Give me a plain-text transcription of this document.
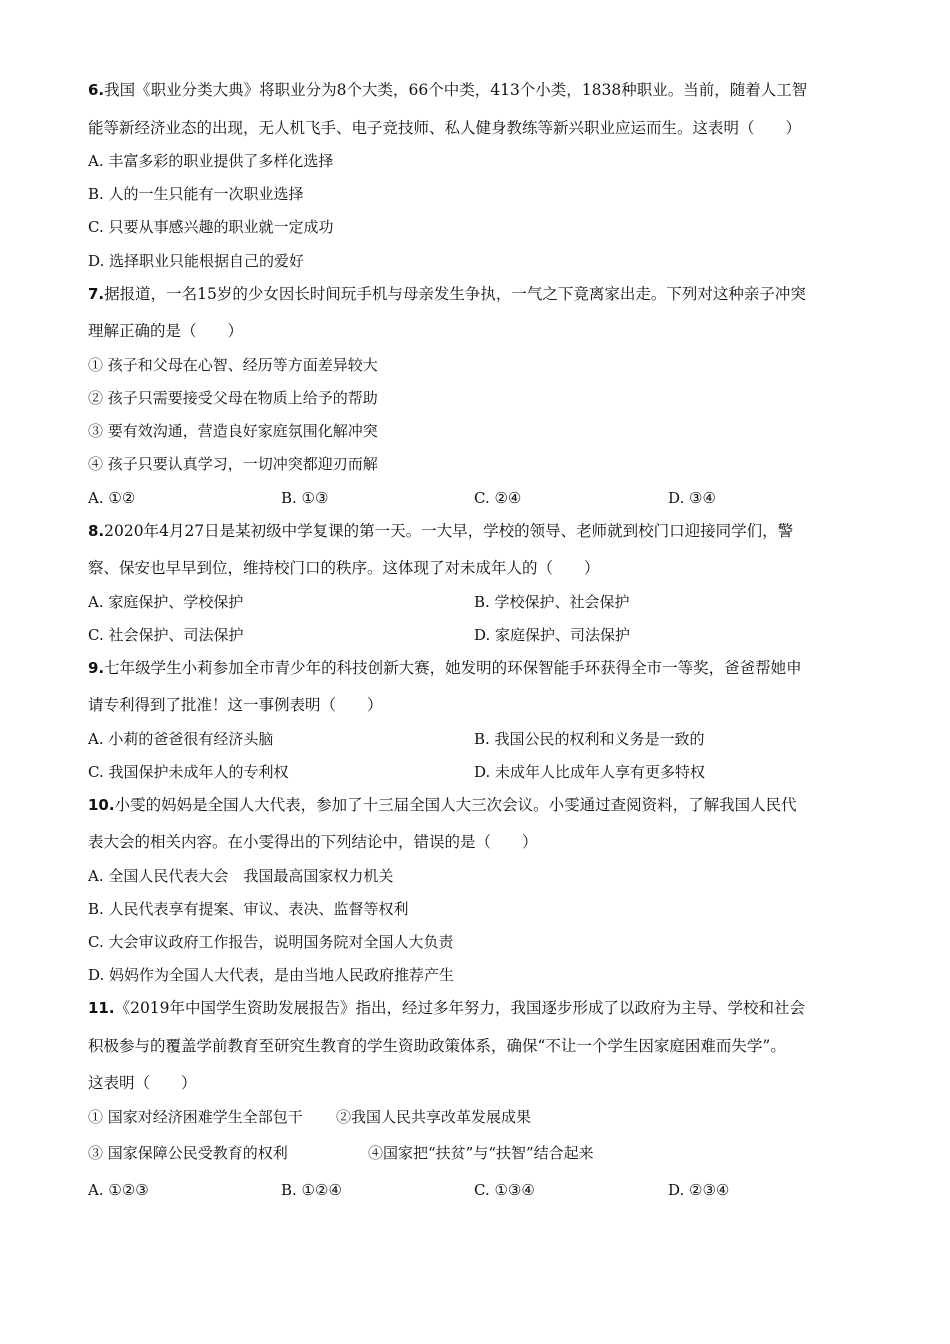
6.我国《职业分类大典》将职业分为8个大类，66个中类，413个小类，1838种职业。当前，随着人工智
能等新经济业态的出现，无人机飞手、电子竞技师、私人健身教练等新兴职业应运而生。这表明（　　）
A. 丰富多彩的职业提供了多样化选择
B. 人的一生只能有一次职业选择
C. 只要从事感兴趣的职业就一定成功
D. 选择职业只能根据自己的爱好
7.据报道，一名15岁的少女因长时间玩手机与母亲发生争执，一气之下竟离家出走。下列对这种亲子冲突
理解正确的是（　　）
① 孩子和父母在心智、经历等方面差异较大
② 孩子只需要接受父母在物质上给予的帮助
③ 要有效沟通，营造良好家庭氛围化解冲突
④ 孩子只要认真学习，一切冲突都迎刃而解
A. ①②	B. ①③	C. ②④	D. ③④
8.2020年4月27日是某初级中学复课的第一天。一大早，学校的领导、老师就到校门口迎接同学们，警
察、保安也早早到位，维持校门口的秩序。这体现了对未成年人的（　　）
A. 家庭保护、学校保护	B. 学校保护、社会保护
C. 社会保护、司法保护	D. 家庭保护、司法保护
9.七年级学生小莉参加全市青少年的科技创新大赛，她发明的环保智能手环获得全市一等奖，爸爸帮她申
请专利得到了批准！这一事例表明（　　）
A. 小莉的爸爸很有经济头脑	B. 我国公民的权利和义务是一致的
C. 我国保护未成年人的专利权	D. 未成年人比成年人享有更多特权
10.小雯的妈妈是全国人大代表，参加了十三届全国人大三次会议。小雯通过查阅资料，了解我国人民代
表大会的相关内容。在小雯得出的下列结论中，错误的是（　　）
A. 全国人民代表大会　我国最高国家权力机关
B. 人民代表享有提案、审议、表决、监督等权利
C. 大会审议政府工作报告，说明国务院对全国人大负责
D. 妈妈作为全国人大代表，是由当地人民政府推荐产生
11.《2019年中国学生资助发展报告》指出，经过多年努力，我国逐步形成了以政府为主导、学校和社会
积极参与的覆盖学前教育至研究生教育的学生资助政策体系，确保“不让一个学生因家庭困难而失学”。
这表明（　　）
① 国家对经济困难学生全部包干 ②我国人民共享改革发展成果
③ 国家保障公民受教育的权利	④国家把“扶贫”与“扶智”结合起来
A. ①②③	B. ①②④	C. ①③④	D. ②③④
